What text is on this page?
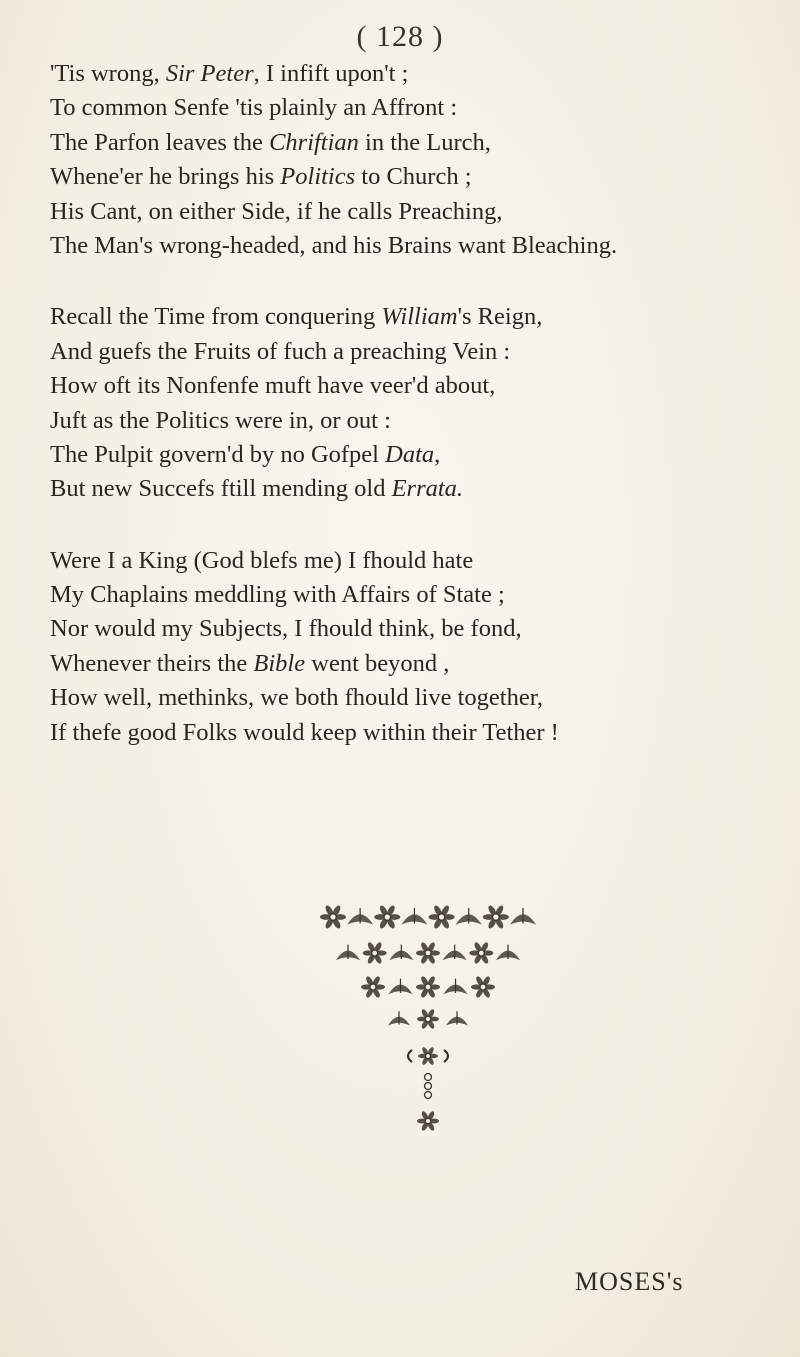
( 128 )
'Tis wrong, Sir Peter, I infift upon't ;
To common Senfe 'tis plainly an Affront :
The Parfon leaves the Chriftian in the Lurch,
Whene'er he brings his Politics to Church ;
His Cant, on either Side, if he calls Preaching,
The Man's wrong-headed, and his Brains want Bleaching.
Recall the Time from conquering William's Reign,
And guefs the Fruits of fuch a preaching Vein :
How oft its Nonfenfe muft have veer'd about,
Juft as the Politics were in, or out :
The Pulpit govern'd by no Gofpel Data,
But new Succefs ftill mending old Errata.
Were I a King (God blefs me) I fhould hate
My Chaplains meddling with Affairs of State ;
Nor would my Subjects, I fhould think, be fond,
Whenever theirs the Bible went beyond ,
How well, methinks, we both fhould live together,
If thefe good Folks would keep within their Tether !
MOSES's
